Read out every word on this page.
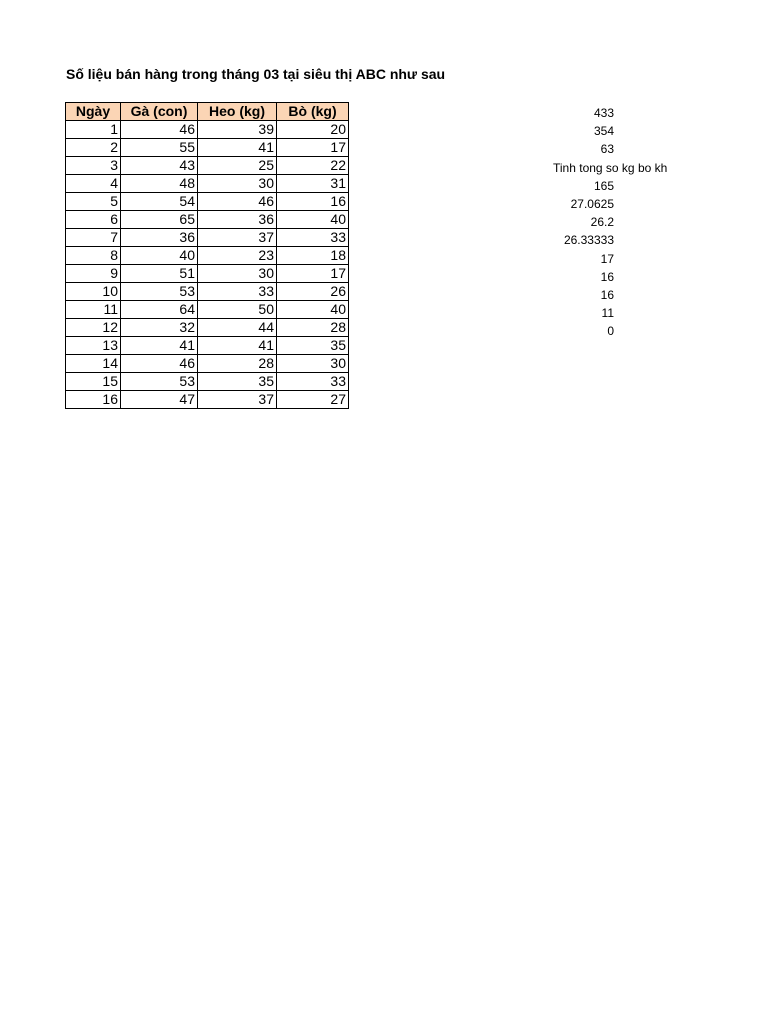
Số liệu bán hàng trong tháng 03 tại siêu thị ABC như sau
Ngày	Gà (con)	Heo (kg)	Bò (kg)
1	46	39	20
2	55	41	17
3	43	25	22
4	48	30	31
5	54	46	16
6	65	36	40
7	36	37	33
8	40	23	18
9	51	30	17
10	53	33	26
11	64	50	40
12	32	44	28
13	41	41	35
14	46	28	30
15	53	35	33
16	47	37	27
433
354
63
Tinh tong so kg bo kh
165
27.0625
26.2
26.33333
17
16
16
11
0
